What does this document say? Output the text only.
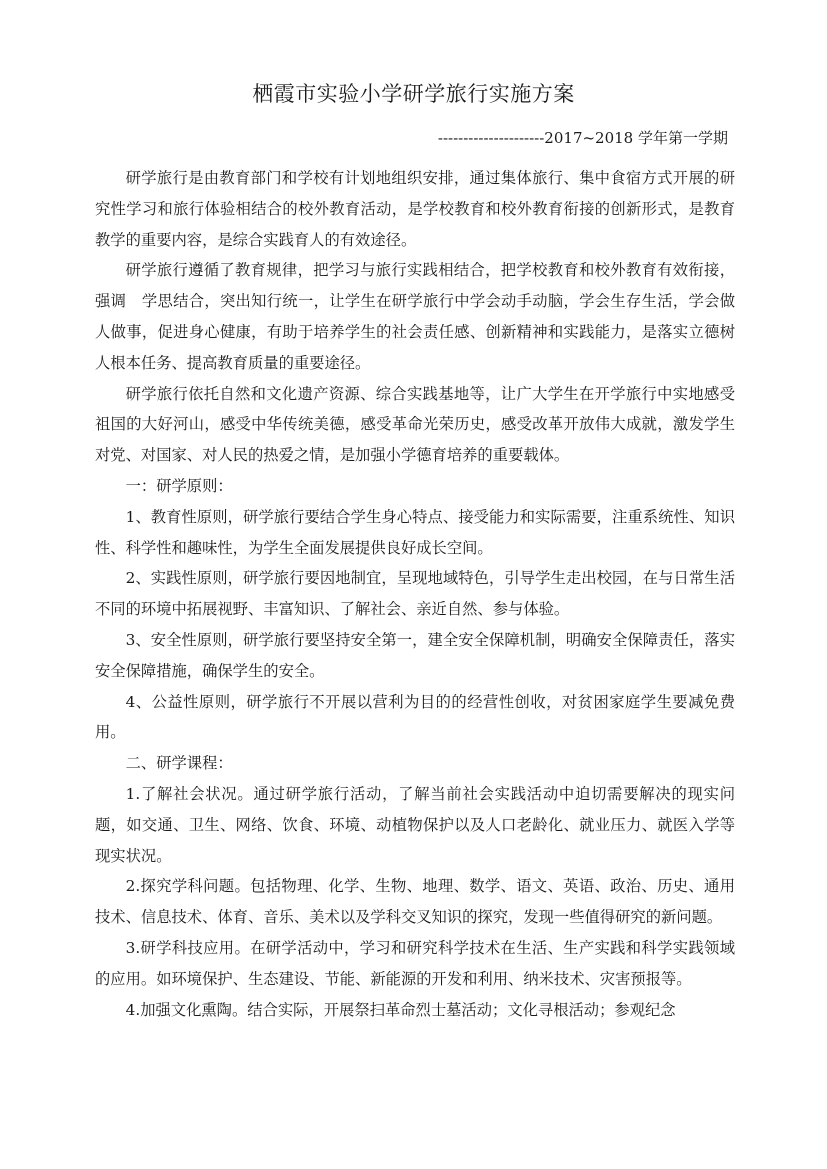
栖霞市实验小学研学旅行实施方案
---------------------2017~2018 学年第一学期

研学旅行是由教育部门和学校有计划地组织安排，通过集体旅行、集中食宿方式开展的研究性学习和旅行体验相结合的校外教育活动，是学校教育和校外教育衔接的创新形式，是教育教学的重要内容，是综合实践育人的有效途径。

研学旅行遵循了教育规律，把学习与旅行实践相结合，把学校教育和校外教育有效衔接，强调　学思结合，突出知行统一，让学生在研学旅行中学会动手动脑，学会生存生活，学会做人做事，促进身心健康，有助于培养学生的社会责任感、创新精神和实践能力，是落实立德树人根本任务、提高教育质量的重要途径。

研学旅行依托自然和文化遗产资源、综合实践基地等，让广大学生在开学旅行中实地感受祖国的大好河山，感受中华传统美德，感受革命光荣历史，感受改革开放伟大成就，激发学生对党、对国家、对人民的热爱之情，是加强小学德育培养的重要载体。

一：研学原则：

1、教育性原则，研学旅行要结合学生身心特点、接受能力和实际需要，注重系统性、知识性、科学性和趣味性，为学生全面发展提供良好成长空间。

2、实践性原则，研学旅行要因地制宜，呈现地域特色，引导学生走出校园，在与日常生活不同的环境中拓展视野、丰富知识、了解社会、亲近自然、参与体验。

3、安全性原则，研学旅行要坚持安全第一，建全安全保障机制，明确安全保障责任，落实安全保障措施，确保学生的安全。

4、公益性原则，研学旅行不开展以营利为目的的经营性创收，对贫困家庭学生要减免费用。

二、研学课程：

1.了解社会状况。通过研学旅行活动，了解当前社会实践活动中迫切需要解决的现实问题，如交通、卫生、网络、饮食、环境、动植物保护以及人口老龄化、就业压力、就医入学等现实状况。

2.探究学科问题。包括物理、化学、生物、地理、数学、语文、英语、政治、历史、通用技术、信息技术、体育、音乐、美术以及学科交叉知识的探究，发现一些值得研究的新问题。

3.研学科技应用。在研学活动中，学习和研究科学技术在生活、生产实践和科学实践领域的应用。如环境保护、生态建设、节能、新能源的开发和利用、纳米技术、灾害预报等。

4.加强文化熏陶。结合实际，开展祭扫革命烈士墓活动；文化寻根活动；参观纪念
